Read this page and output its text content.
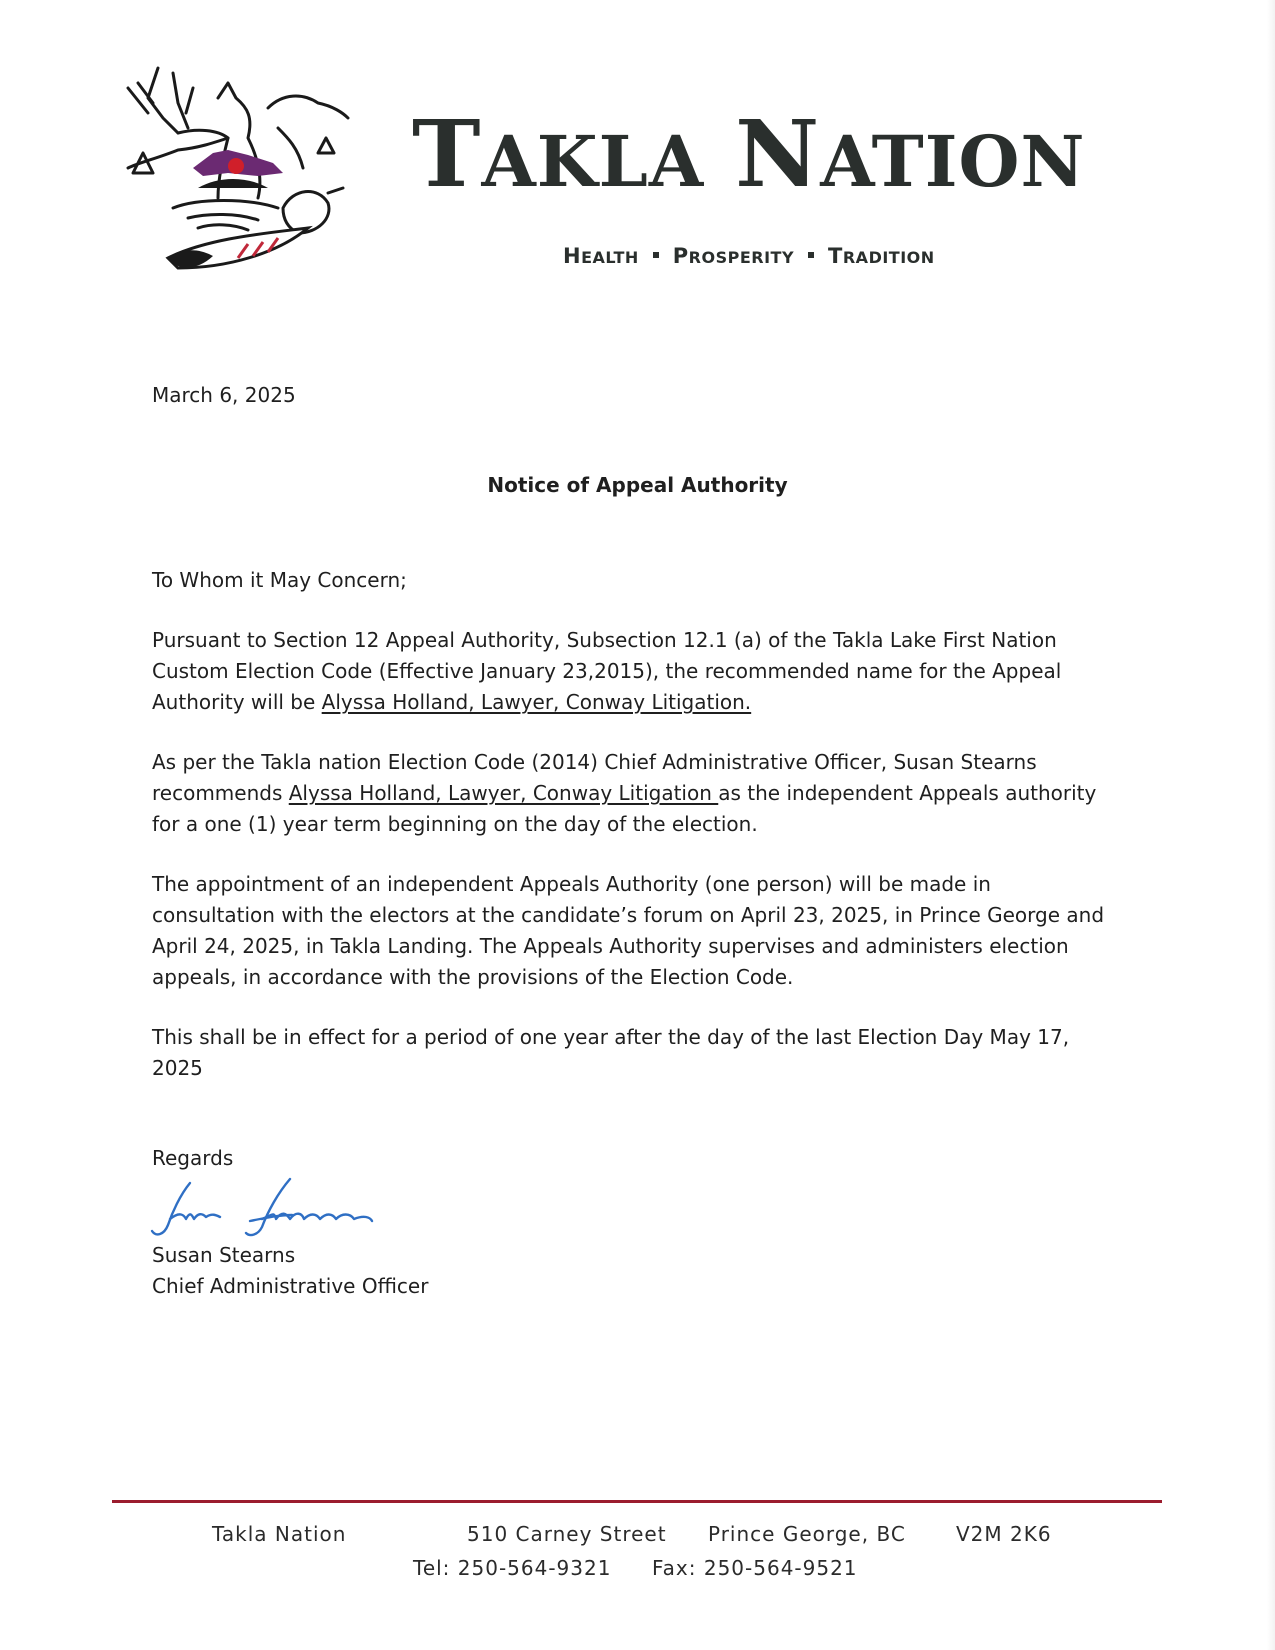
TAKLA NATION
HEALTH PROSPERITY TRADITION
March 6, 2025
Notice of Appeal Authority
To Whom it May Concern;
Pursuant to Section 12 Appeal Authority, Subsection 12.1 (a) of the Takla Lake First Nation Custom Election Code (Effective January 23,2015), the recommended name for the Appeal Authority will be Alyssa Holland, Lawyer, Conway Litigation.
As per the Takla nation Election Code (2014) Chief Administrative Officer, Susan Stearns recommends Alyssa Holland, Lawyer, Conway Litigation as the independent Appeals authority for a one (1) year term beginning on the day of the election.
The appointment of an independent Appeals Authority (one person) will be made in consultation with the electors at the candidate’s forum on April 23, 2025, in Prince George and April 24, 2025, in Takla Landing. The Appeals Authority supervises and administers election appeals, in accordance with the provisions of the Election Code.
This shall be in effect for a period of one year after the day of the last Election Day May 17, 2025
Regards
Susan Stearns
Chief Administrative Officer
Takla Nation	510 Carney Street Prince George, BC	V2M 2K6
Tel: 250-564-9321 Fax: 250-564-9521
